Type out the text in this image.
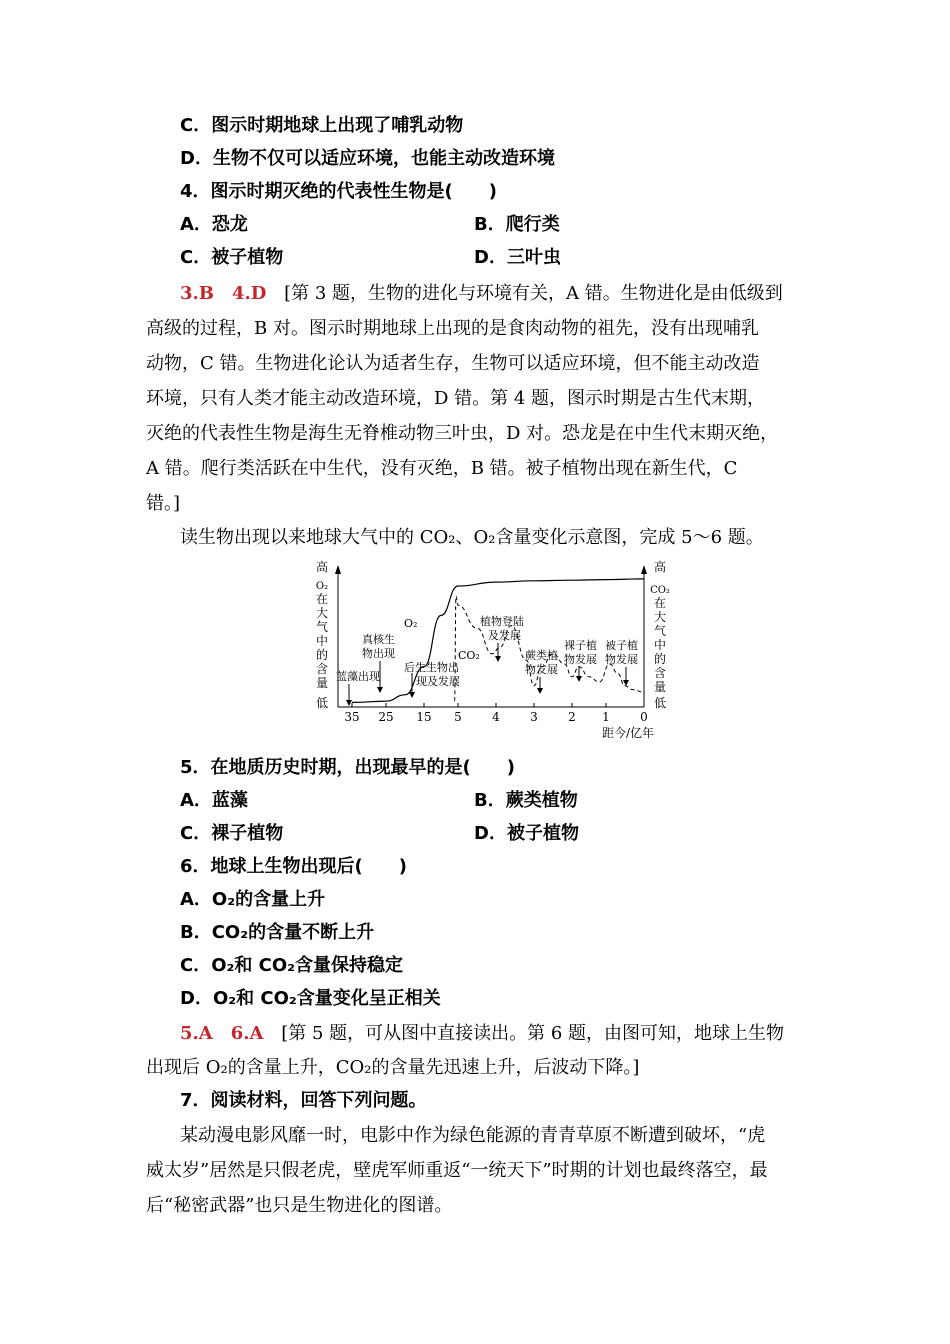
C．图示时期地球上出现了哺乳动物
D．生物不仅可以适应环境，也能主动改造环境
4．图示时期灭绝的代表性生物是(　　)
A．恐龙	B．爬行类
C．被子植物	D．三叶虫
3.B　4.D [第 3 题，生物的进化与环境有关，A 错。生物进化是由低级到
高级的过程，B 对。图示时期地球上出现的是食肉动物的祖先，没有出现哺乳
动物，C 错。生物进化论认为适者生存，生物可以适应环境，但不能主动改造
环境，只有人类才能主动改造环境，D 错。第 4 题，图示时期是古生代末期，
灭绝的代表性生物是海生无脊椎动物三叶虫，D 对。恐龙是在中生代末期灭绝，
A 错。爬行类活跃在中生代，没有灭绝，B 错。被子植物出现在新生代，C
错。]
读生物出现以来地球大气中的 CO₂、O₂含量变化示意图，完成 5～6 题。
高
O₂
在
大
气
中
的
含
量
低
高
CO₂
在
大
气
中
的
含
量
低
35 25 15 5	4	3	2 1	0
距今/亿年
蓝藻出现
真核生
物出现
O₂
后生生物出
现及发展
CO₂
植物登陆
及发展
蕨类植
物发展
裸子植
物发展
被子植
物发展
5．在地质历史时期，出现最早的是(　　)
A．蓝藻	B．蕨类植物
C．裸子植物	D．被子植物
6．地球上生物出现后(　　)
A．O₂的含量上升
B．CO₂的含量不断上升
C．O₂和 CO₂含量保持稳定
D．O₂和 CO₂含量变化呈正相关
5.A　6.A [第 5 题，可从图中直接读出。第 6 题，由图可知，地球上生物
出现后 O₂的含量上升，CO₂的含量先迅速上升，后波动下降。]
7．阅读材料，回答下列问题。
某动漫电影风靡一时，电影中作为绿色能源的青青草原不断遭到破坏，“虎
威太岁”居然是只假老虎，壁虎军师重返“一统天下”时期的计划也最终落空，最
后“秘密武器”也只是生物进化的图谱。
